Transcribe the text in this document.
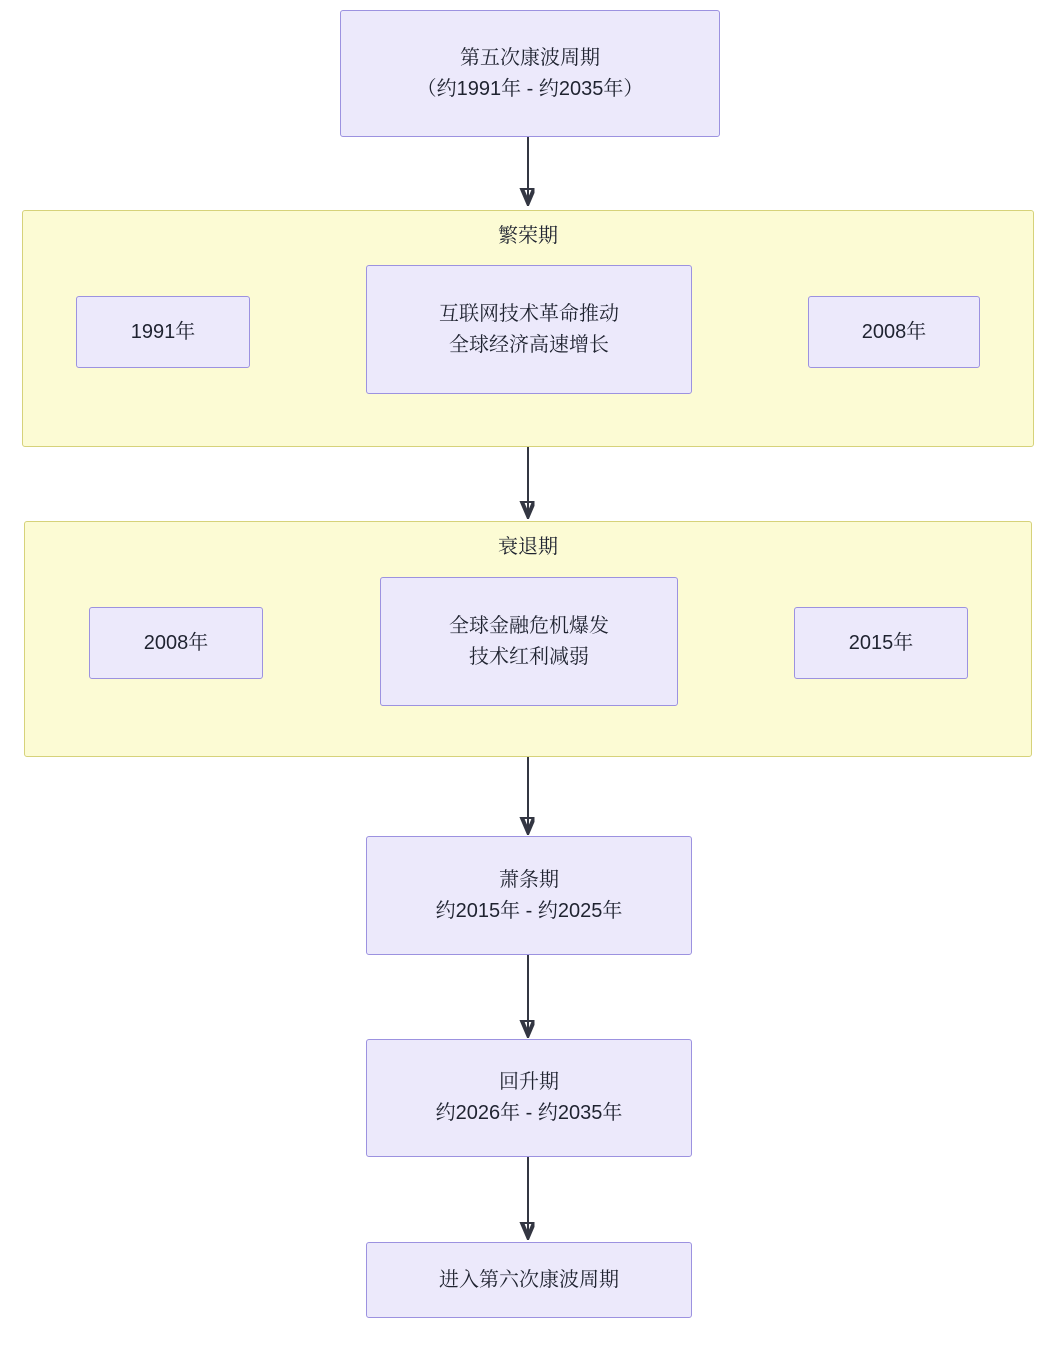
第五次康波周期
（约1991年 - 约2035年）
繁荣期
1991年
互联网技术革命推动
全球经济高速增长
2008年
衰退期
2008年
全球金融危机爆发
技术红利减弱
2015年
萧条期
约2015年 - 约2025年
回升期
约2026年 - 约2035年
进入第六次康波周期
